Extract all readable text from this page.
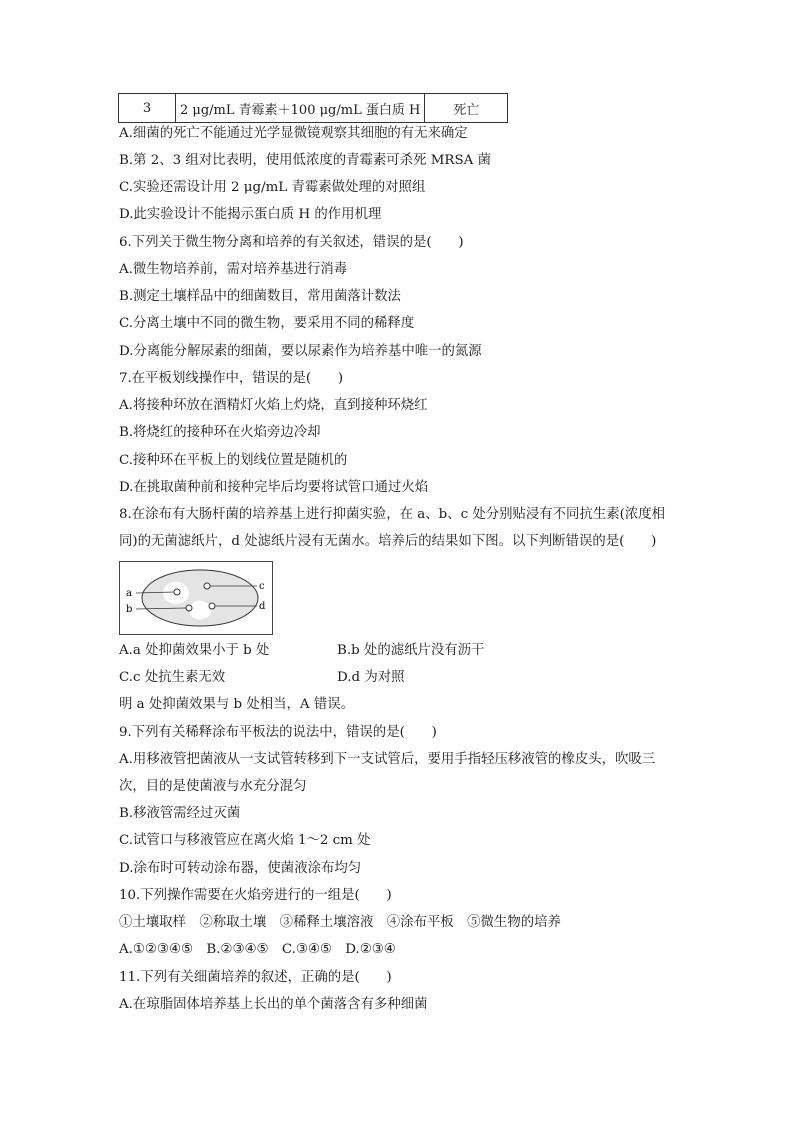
3	2 μg/mL 青霉素＋100 μg/mL 蛋白质 H	死亡
A.细菌的死亡不能通过光学显微镜观察其细胞的有无来确定
B.第 2、3 组对比表明，使用低浓度的青霉素可杀死 MRSA 菌
C.实验还需设计用 2 μg/mL 青霉素做处理的对照组
D.此实验设计不能揭示蛋白质 H 的作用机理
6.下列关于微生物分离和培养的有关叙述，错误的是(　　)
A.微生物培养前，需对培养基进行消毒
B.测定土壤样品中的细菌数目，常用菌落计数法
C.分离土壤中不同的微生物，要采用不同的稀释度
D.分离能分解尿素的细菌，要以尿素作为培养基中唯一的氮源
7.在平板划线操作中，错误的是(　　)
A.将接种环放在酒精灯火焰上灼烧，直到接种环烧红
B.将烧红的接种环在火焰旁边冷却
C.接种环在平板上的划线位置是随机的
D.在挑取菌种前和接种完毕后均要将试管口通过火焰
8.在涂布有大肠杆菌的培养基上进行抑菌实验，在 a、b、c 处分别贴浸有不同抗生素(浓度相
同)的无菌滤纸片，d 处滤纸片浸有无菌水。培养后的结果如下图。以下判断错误的是(　　)
a
b
c
d
A.a 处抑菌效果小于 b 处	B.b 处的滤纸片没有沥干
C.c 处抗生素无效	D.d 为对照
明 a 处抑菌效果与 b 处相当，A 错误。
9.下列有关稀释涂布平板法的说法中，错误的是(　　)
A.用移液管把菌液从一支试管转移到下一支试管后，要用手指轻压移液管的橡皮头，吹吸三
次，目的是使菌液与水充分混匀
B.移液管需经过灭菌
C.试管口与移液管应在离火焰 1～2 cm 处
D.涂布时可转动涂布器，使菌液涂布均匀
10.下列操作需要在火焰旁进行的一组是(　　)
①土壤取样　②称取土壤　③稀释土壤溶液　④涂布平板　⑤微生物的培养
A.①②③④⑤　B.②③④⑤　C.③④⑤　D.②③④
11.下列有关细菌培养的叙述，正确的是(　　)
A.在琼脂固体培养基上长出的单个菌落含有多种细菌
